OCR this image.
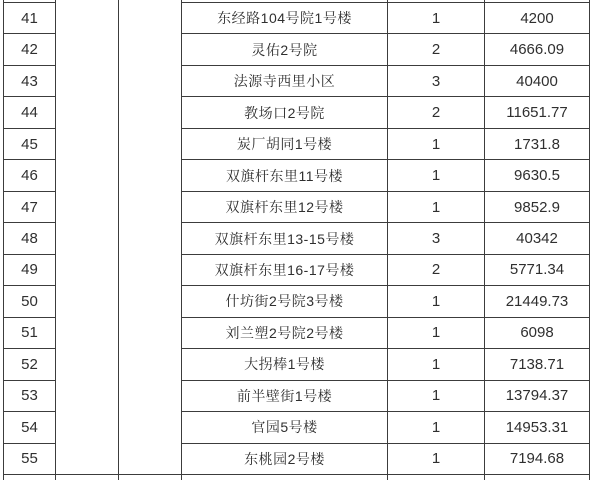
41	东经路104号院1号楼	1	4200
42	灵佑2号院	2	4666.09
43	法源寺西里小区	3	40400
44	教场口2号院	2	11651.77
45	炭厂胡同1号楼	1	1731.8
46	双旗杆东里11号楼	1	9630.5
47	双旗杆东里12号楼	1	9852.9
48	双旗杆东里13-15号楼	3	40342
49	双旗杆东里16-17号楼	2	5771.34
50	什坊街2号院3号楼	1	21449.73
51	刘兰塑2号院2号楼	1	6098
52	大拐棒1号楼	1	7138.71
53	前半壁街1号楼	1	13794.37
54	官园5号楼	1	14953.31
55	东桃园2号楼	1	7194.68
